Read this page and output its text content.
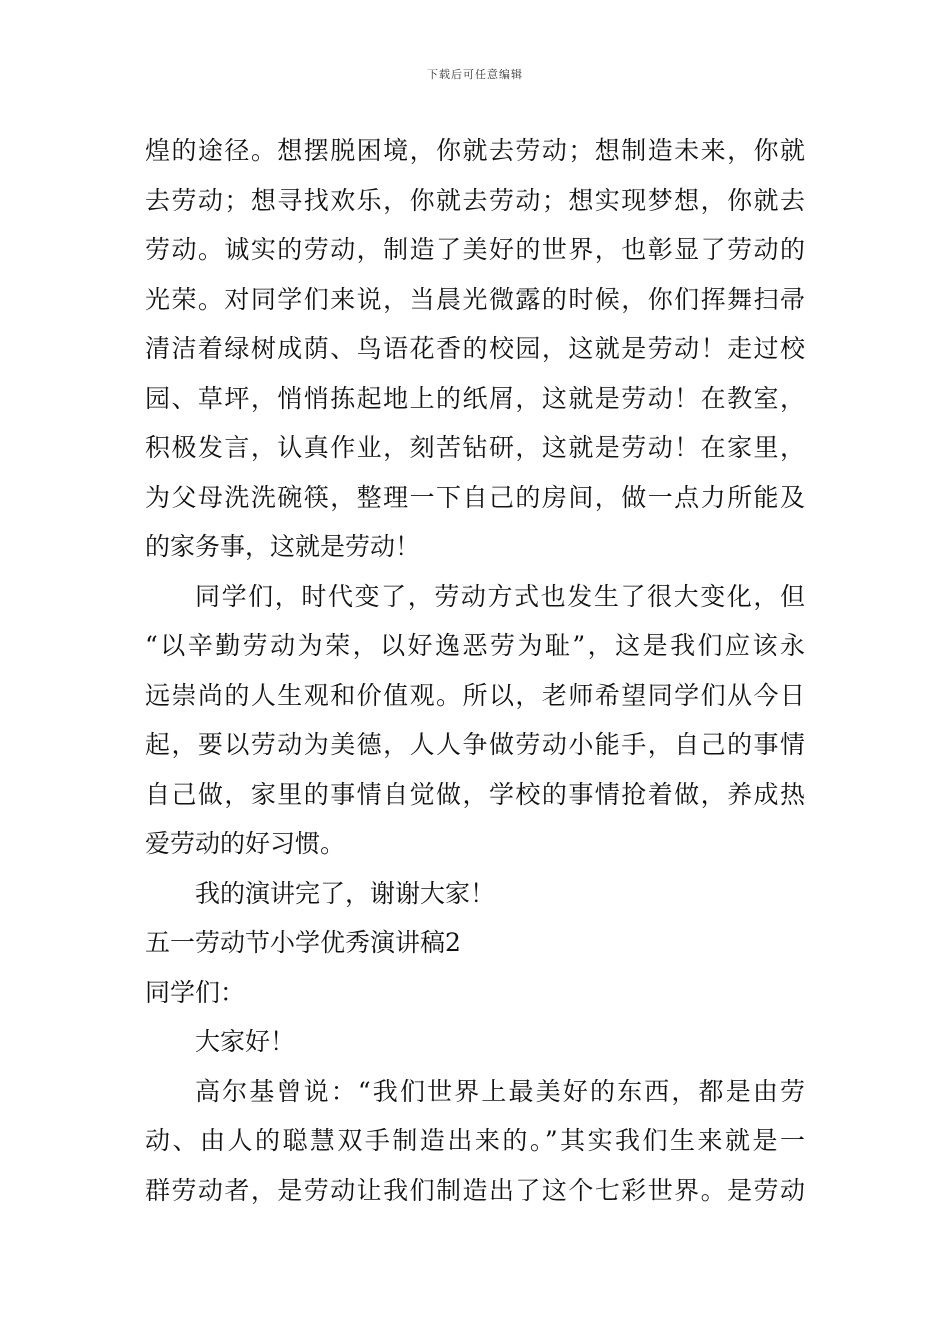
下载后可任意编辑
煌的途径。想摆脱困境，你就去劳动；想制造未来，你就
去劳动；想寻找欢乐，你就去劳动；想实现梦想，你就去
劳动。诚实的劳动，制造了美好的世界，也彰显了劳动的
光荣。对同学们来说，当晨光微露的时候，你们挥舞扫帚
清洁着绿树成荫、鸟语花香的校园，这就是劳动！走过校
园、草坪，悄悄拣起地上的纸屑，这就是劳动！在教室，
积极发言，认真作业，刻苦钻研，这就是劳动！在家里，
为父母洗洗碗筷，整理一下自己的房间，做一点力所能及
的家务事，这就是劳动！
同学们，时代变了，劳动方式也发生了很大变化，但
“以辛勤劳动为荣，以好逸恶劳为耻”，这是我们应该永
远崇尚的人生观和价值观。所以，老师希望同学们从今日
起，要以劳动为美德，人人争做劳动小能手，自己的事情
自己做，家里的事情自觉做，学校的事情抢着做，养成热
爱劳动的好习惯。
我的演讲完了，谢谢大家！
五一劳动节小学优秀演讲稿2
同学们：
大家好！
高尔基曾说：“我们世界上最美好的东西，都是由劳
动、由人的聪慧双手制造出来的。”其实我们生来就是一
群劳动者，是劳动让我们制造出了这个七彩世界。是劳动
